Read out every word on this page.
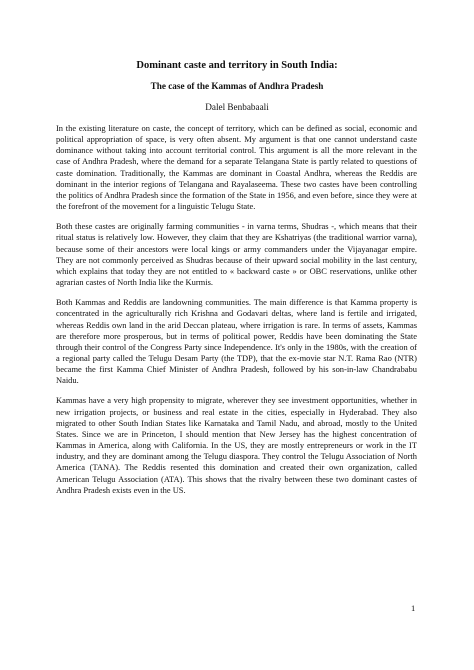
Dominant caste and territory in South India:
The case of the Kammas of Andhra Pradesh
Dalel Benbabaali

In the existing literature on caste, the concept of territory, which can be defined as social, economic and political appropriation of space, is very often absent. My argument is that one cannot understand caste dominance without taking into account territorial control. This argument is all the more relevant in the case of Andhra Pradesh, where the demand for a separate Telangana State is partly related to questions of caste domination. Traditionally, the Kammas are dominant in Coastal Andhra, whereas the Reddis are dominant in the interior regions of Telangana and Rayalaseema. These two castes have been controlling the politics of Andhra Pradesh since the formation of the State in 1956, and even before, since they were at the forefront of the movement for a linguistic Telugu State.

Both these castes are originally farming communities - in varna terms, Shudras -, which means that their ritual status is relatively low. However, they claim that they are Kshatriyas (the traditional warrior varna), because some of their ancestors were local kings or army commanders under the Vijayanagar empire. They are not commonly perceived as Shudras because of their upward social mobility in the last century, which explains that today they are not entitled to « backward caste » or OBC reservations, unlike other agrarian castes of North India like the Kurmis.

Both Kammas and Reddis are landowning communities. The main difference is that Kamma property is concentrated in the agriculturally rich Krishna and Godavari deltas, where land is fertile and irrigated, whereas Reddis own land in the arid Deccan plateau, where irrigation is rare. In terms of assets, Kammas are therefore more prosperous, but in terms of political power, Reddis have been dominating the State through their control of the Congress Party since Independence. It's only in the 1980s, with the creation of a regional party called the Telugu Desam Party (the TDP), that the ex-movie star N.T. Rama Rao (NTR) became the first Kamma Chief Minister of Andhra Pradesh, followed by his son-in-law Chandrababu Naidu.

Kammas have a very high propensity to migrate, wherever they see investment opportunities, whether in new irrigation projects, or business and real estate in the cities, especially in Hyderabad. They also migrated to other South Indian States like Karnataka and Tamil Nadu, and abroad, mostly to the United States. Since we are in Princeton, I should mention that New Jersey has the highest concentration of Kammas in America, along with California. In the US, they are mostly entrepreneurs or work in the IT industry, and they are dominant among the Telugu diaspora. They control the Telugu Association of North America (TANA). The Reddis resented this domination and created their own organization, called American Telugu Association (ATA). This shows that the rivalry between these two dominant castes of Andhra Pradesh exists even in the US.

1
